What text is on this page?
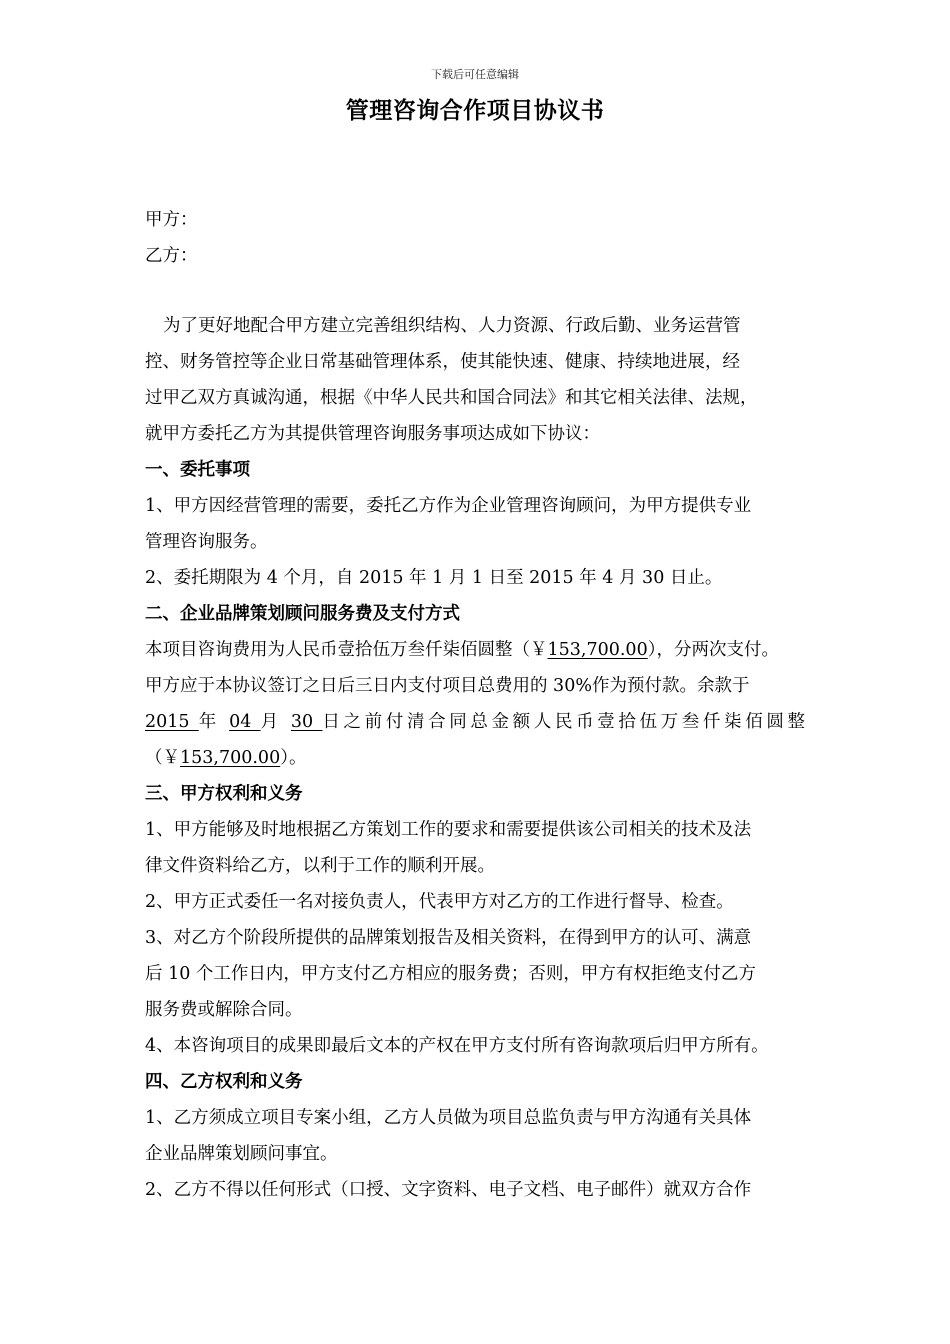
下载后可任意编辑
管理咨询合作项目协议书
甲方：
乙方：
为了更好地配合甲方建立完善组织结构、人力资源、行政后勤、业务运营管
控、财务管控等企业日常基础管理体系，使其能快速、健康、持续地进展，经
过甲乙双方真诚沟通，根据《中华人民共和国合同法》和其它相关法律、法规，
就甲方委托乙方为其提供管理咨询服务事项达成如下协议：
一、委托事项
1、甲方因经营管理的需要，委托乙方作为企业管理咨询顾问，为甲方提供专业
管理咨询服务。
2、委托期限为 4 个月，自 2015 年 1 月 1 日至 2015 年 4 月 30 日止。
二、企业品牌策划顾问服务费及支付方式
本项目咨询费用为人民币壹拾伍万叁仟柒佰圆整（￥153,700.00），分两次支付。
甲方应于本协议签订之日后三日内支付项目总费用的 30%作为预付款。余款于
2015 年 04 月 30 日之前付清合同总金额人民币壹拾伍万叁仟柒佰圆整
（￥153,700.00）。
三、甲方权利和义务
1、甲方能够及时地根据乙方策划工作的要求和需要提供该公司相关的技术及法
律文件资料给乙方，以利于工作的顺利开展。
2、甲方正式委任一名对接负责人，代表甲方对乙方的工作进行督导、检查。
3、对乙方个阶段所提供的品牌策划报告及相关资料，在得到甲方的认可、满意
后 10 个工作日内，甲方支付乙方相应的服务费；否则，甲方有权拒绝支付乙方
服务费或解除合同。
4、本咨询项目的成果即最后文本的产权在甲方支付所有咨询款项后归甲方所有。
四、乙方权利和义务
1、乙方须成立项目专案小组，乙方人员做为项目总监负责与甲方沟通有关具体
企业品牌策划顾问事宜。
2、乙方不得以任何形式（口授、文字资料、电子文档、电子邮件）就双方合作
